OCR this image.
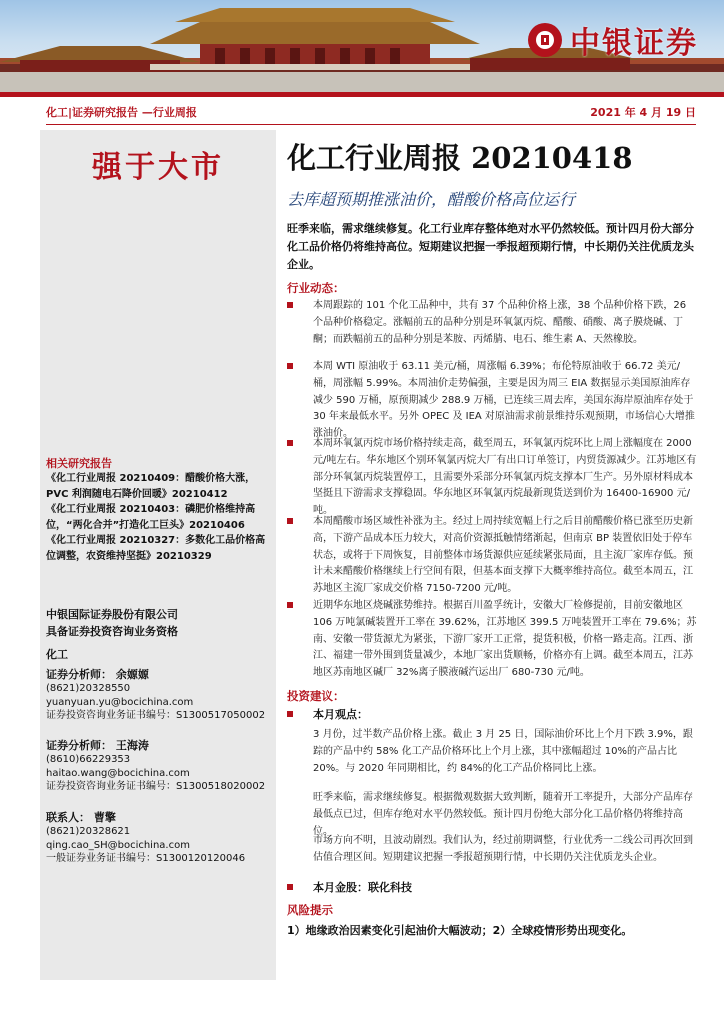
中银证券
化工|证券研究报告 —行业周报	2021 年 4 月 19 日
强于大市
相关研究报告
《化工行业周报 20210409：醋酸价格大涨，PVC 利润随电石降价回暖》20210412
《化工行业周报 20210403：磷肥价格维持高位，“两化合并”打造化工巨头》20210406
《化工行业周报 20210327：多数化工品价格高位调整，农资维持坚挺》20210329
中银国际证券股份有限公司
具备证券投资咨询业务资格
化工
证券分析师： 余嫄嫄
(8621)20328550
yuanyuan.yu@bocichina.com
证券投资咨询业务证书编号：S1300517050002
证券分析师： 王海涛
(8610)66229353
haitao.wang@bocichina.com
证券投资咨询业务证书编号：S1300518020002
联系人： 曹擎
(8621)20328621
qing.cao_SH@bocichina.com
一般证券业务证书编号：S1300120120046
化工行业周报 20210418
去库超预期推涨油价，醋酸价格高位运行
旺季来临，需求继续修复。化工行业库存整体绝对水平仍然较低。预计四月份大部分化工品价格仍将维持高位。短期建议把握一季报超预期行情，中长期仍关注优质龙头企业。
行业动态：
本周跟踪的 101 个化工品种中，共有 37 个品种价格上涨，38 个品种价格下跌，26 个品种价格稳定。涨幅前五的品种分别是环氧氯丙烷、醋酸、硝酸、离子膜烧碱、丁酮；而跌幅前五的品种分别是苯胺、丙烯腈、电石、维生素 A、天然橡胶。
本周 WTI 原油收于 63.11 美元/桶，周涨幅 6.39%；布伦特原油收于 66.72 美元/桶，周涨幅 5.99%。本周油价走势偏强，主要是因为周三 EIA 数据显示美国原油库存减少 590 万桶，原预期减少 288.9 万桶，已连续三周去库，美国东海岸原油库存处于 30 年来最低水平。另外 OPEC 及 IEA 对原油需求前景维持乐观预期，市场信心大增推涨油价。
本周环氧氯丙烷市场价格持续走高，截至周五，环氧氯丙烷环比上周上涨幅度在 2000 元/吨左右。华东地区个别环氧氯丙烷大厂有出口订单签订，内贸货源减少。江苏地区有部分环氧氯丙烷装置停工，且需要外采部分环氧氯丙烷支撑本厂生产。另外原材料成本坚挺且下游需求支撑稳固。华东地区环氧氯丙烷最新现货送到价为 16400-16900 元/吨。
本周醋酸市场区域性补涨为主。经过上周持续宽幅上行之后目前醋酸价格已涨至历史新高，下游产品成本压力较大，对高价资源抵触情绪渐起，但南京 BP 装置依旧处于停车状态，或将于下周恢复，目前整体市场货源供应延续紧张局面，且主流厂家库存低。预计未来醋酸价格继续上行空间有限，但基本面支撑下大概率维持高位。截至本周五，江苏地区主流厂家成交价格 7150-7200 元/吨。
近期华东地区烧碱涨势维持。根据百川盈孚统计，安徽大厂检修提前，目前安徽地区 106 万吨氯碱装置开工率在 39.62%，江苏地区 399.5 万吨装置开工率在 79.6%；苏南、安徽一带货源尤为紧张，下游厂家开工正常，提货积极，价格一路走高。江西、浙江、福建一带外围到货量减少，本地厂家出货顺畅，价格亦有上调。截至本周五，江苏地区苏南地区碱厂 32%离子膜液碱汽运出厂 680-730 元/吨。
投资建议：
本月观点：
3 月份，过半数产品价格上涨。截止 3 月 25 日，国际油价环比上个月下跌 3.9%，跟踪的产品中约 58% 化工产品价格环比上个月上涨，其中涨幅超过 10%的产品占比 20%。与 2020 年同期相比，约 84%的化工产品价格同比上涨。
旺季来临，需求继续修复。根据微观数据大致判断，随着开工率提升，大部分产品库存最低点已过，但库存绝对水平仍然较低。预计四月份绝大部分化工品价格仍将维持高位。
市场方向不明，且波动剧烈。我们认为，经过前期调整，行业优秀一二线公司再次回到估值合理区间。短期建议把握一季报超预期行情，中长期仍关注优质龙头企业。
本月金股：联化科技
风险提示
1）地缘政治因素变化引起油价大幅波动；2）全球疫情形势出现变化。
